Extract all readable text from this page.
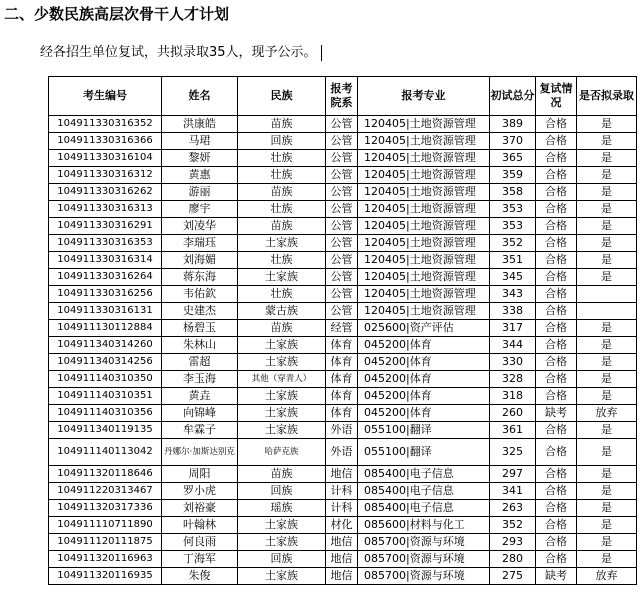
二、少数民族高层次骨干人才计划
经各招生单位复试，共拟录取35人，现予公示。
考生编号	姓名	民族	报考院系	报考专业	初试总分	复试情况	是否拟录取
104911330316352	洪康皓	苗族	公管	120405|土地资源管理	389	合格	是
104911330316366	马珺	回族	公管	120405|土地资源管理	370	合格	是
104911330316104	黎妍	壮族	公管	120405|土地资源管理	365	合格	是
104911330316312	黄惠	壮族	公管	120405|土地资源管理	359	合格	是
104911330316262	游丽	苗族	公管	120405|土地资源管理	358	合格	是
104911330316313	廖宇	壮族	公管	120405|土地资源管理	353	合格	是
104911330316291	刘凌华	苗族	公管	120405|土地资源管理	353	合格	是
104911330316353	李瑞珏	土家族	公管	120405|土地资源管理	352	合格	是
104911330316314	刘海媚	壮族	公管	120405|土地资源管理	351	合格	是
104911330316264	蒋东海	土家族	公管	120405|土地资源管理	345	合格	是
104911330316256	韦佑欽	壮族	公管	120405|土地资源管理	343	合格	
104911330316131	史建杰	蒙古族	公管	120405|土地资源管理	338	合格	
104911130112884	杨碧玉	苗族	经管	025600|资产评估	317	合格	是
104911340314260	朱林山	土家族	体育	045200|体育	344	合格	是
104911340314256	雷超	土家族	体育	045200|体育	330	合格	是
104911140310350	李玉海	其他（穿青人）	体育	045200|体育	328	合格	是
104911140310351	黄垚	土家族	体育	045200|体育	318	合格	是
104911140310356	向锦峰	土家族	体育	045200|体育	260	缺考	放弃
104911340119135	牟霖子	土家族	外语	055100|翻译	361	合格	是
104911140113042	丹娜尔·加斯达别克	哈萨克族	外语	055100|翻译	325	合格	是
104911320118646	周阳	苗族	地信	085400|电子信息	297	合格	是
104911220313467	罗小虎	回族	计科	085400|电子信息	341	合格	是
104911320317336	刘裕豪	瑶族	计科	085400|电子信息	263	合格	是
104911110711890	叶翰林	土家族	材化	085600|材料与化工	352	合格	是
104911120111875	何良雨	土家族	地信	085700|资源与环境	293	合格	是
104911320116963	丁海军	回族	地信	085700|资源与环境	280	合格	是
104911320116935	朱俊	土家族	地信	085700|资源与环境	275	缺考	放弃
